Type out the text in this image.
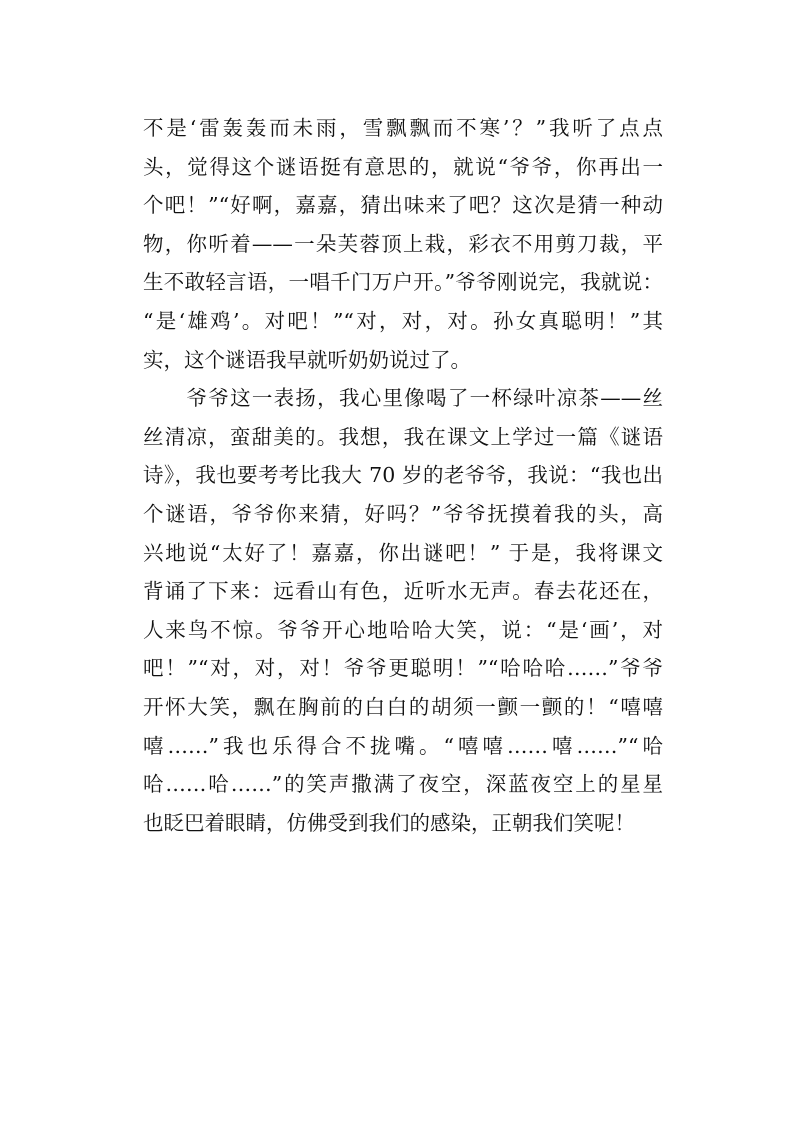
不是‘雷轰轰而未雨，雪飘飘而不寒’？”我听了点点
头，觉得这个谜语挺有意思的，就说“爷爷，你再出一
个吧！”“好啊，嘉嘉，猜出味来了吧？这次是猜一种动
物，你听着——一朵芙蓉顶上栽，彩衣不用剪刀裁，平
生不敢轻言语，一唱千门万户开。”爷爷刚说完，我就说：
“是‘雄鸡’。对吧！”“对，对，对。孙女真聪明！”其
实，这个谜语我早就听奶奶说过了。
　　爷爷这一表扬，我心里像喝了一杯绿叶凉茶——丝
丝清凉，蛮甜美的。我想，我在课文上学过一篇《谜语
诗》，我也要考考比我大 70 岁的老爷爷，我说：“我也出
个谜语，爷爷你来猜，好吗？”爷爷抚摸着我的头，高
兴地说“太好了！嘉嘉，你出谜吧！” 于是，我将课文
背诵了下来：远看山有色，近听水无声。春去花还在，
人来鸟不惊。爷爷开心地哈哈大笑，说：“是‘画’，对
吧！”“对，对，对！爷爷更聪明！”“哈哈哈……”爷爷
开怀大笑，飘在胸前的白白的胡须一颤一颤的！“嘻嘻
嘻……”我也乐得合不拢嘴。“嘻嘻……嘻……”“哈
哈……哈……”的笑声撒满了夜空，深蓝夜空上的星星
也眨巴着眼睛，仿佛受到我们的感染，正朝我们笑呢！
